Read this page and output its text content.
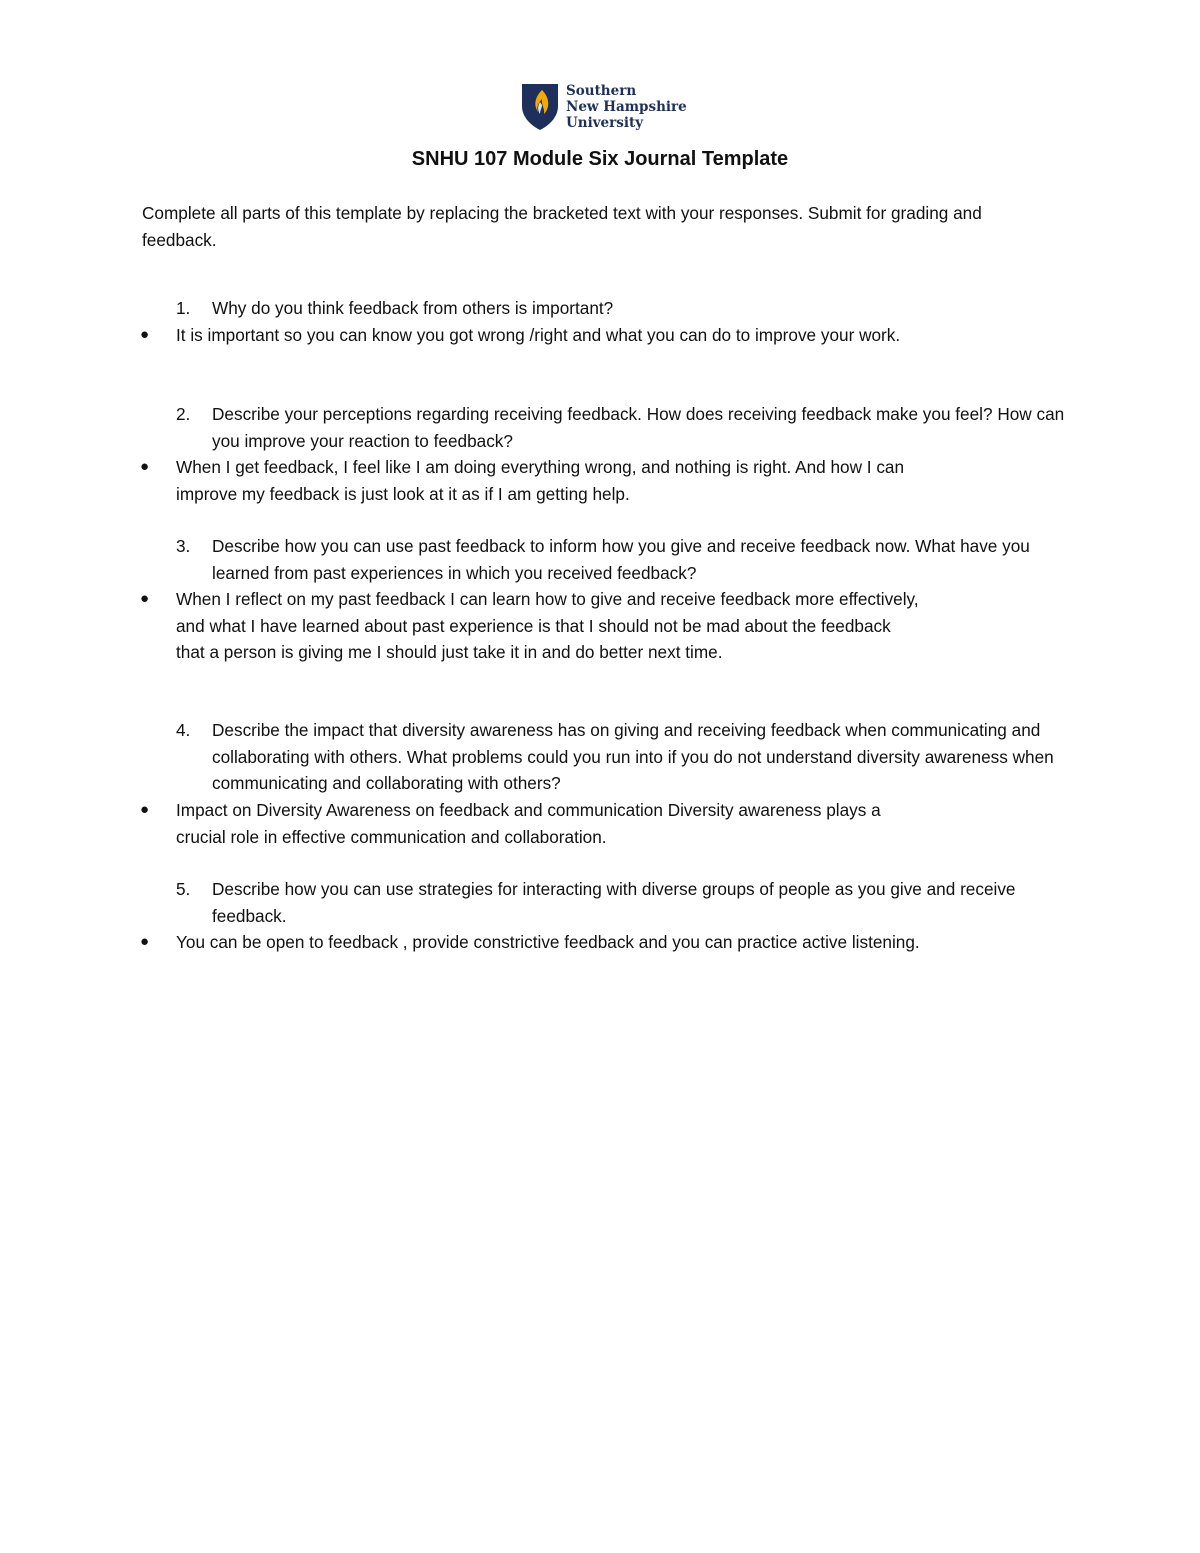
Southern
New Hampshire
University
SNHU 107 Module Six Journal Template
Complete all parts of this template by replacing the bracketed text with your responses. Submit for grading and feedback.
1. Why do you think feedback from others is important?
● It is important so you can know you got wrong /right and what you can do to improve your work.
2. Describe your perceptions regarding receiving feedback. How does receiving feedback make you feel? How can you improve your reaction to feedback?
● When I get feedback, I feel like I am doing everything wrong, and nothing is right. And how I can improve my feedback is just look at it as if I am getting help.
3. Describe how you can use past feedback to inform how you give and receive feedback now. What have you learned from past experiences in which you received feedback?
● When I reflect on my past feedback I can learn how to give and receive feedback more effectively, and what I have learned about past experience is that I should not be mad about the feedback that a person is giving me I should just take it in and do better next time.
4. Describe the impact that diversity awareness has on giving and receiving feedback when communicating and collaborating with others. What problems could you run into if you do not understand diversity awareness when communicating and collaborating with others?
● Impact on Diversity Awareness on feedback and communication Diversity awareness plays a crucial role in effective communication and collaboration.
5. Describe how you can use strategies for interacting with diverse groups of people as you give and receive feedback.
● You can be open to feedback , provide constrictive feedback and you can practice active listening.
